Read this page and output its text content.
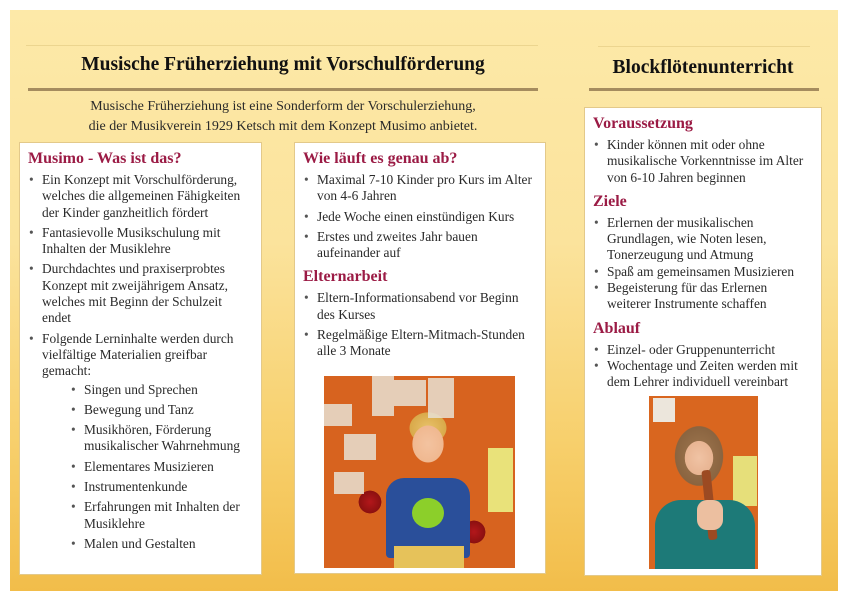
Musische Früherziehung mit Vorschulförderung	Blockflötenunterricht
Musische Früherziehung ist eine Sonderform der Vorschulerziehung,
die der Musikverein 1929 Ketsch mit dem Konzept Musimo anbietet.
Musimo - Was ist das?
• Ein Konzept mit Vorschulförderung, welches die allgemeinen Fähigkeiten der Kinder ganzheitlich fördert
• Fantasievolle Musikschulung mit Inhalten der Musiklehre
• Durchdachtes und praxiserprobtes Konzept mit zweijährigem Ansatz, welches mit Beginn der Schulzeit endet
• Folgende Lerninhalte werden durch vielfältige Materialien greifbar gemacht:
• Singen und Sprechen
• Bewegung und Tanz
• Musikhören, Förderung musikalischer Wahrnehmung
• Elementares Musizieren
• Instrumentenkunde
• Erfahrungen mit Inhalten der Musiklehre
• Malen und Gestalten
Wie läuft es genau ab?
• Maximal 7-10 Kinder pro Kurs im Alter von 4-6 Jahren
• Jede Woche einen einstündigen Kurs
• Erstes und zweites Jahr bauen aufeinander auf
Elternarbeit
• Eltern-Informationsabend vor Beginn des Kurses
• Regelmäßige Eltern-Mitmach-Stunden alle 3 Monate
Voraussetzung
• Kinder können mit oder ohne musikalische Vorkenntnisse im Alter von 6-10 Jahren beginnen
Ziele
• Erlernen der musikalischen Grundlagen, wie Noten lesen, Tonerzeugung und Atmung
• Spaß am gemeinsamen Musizieren
• Begeisterung für das Erlernen weiterer Instrumente schaffen
Ablauf
• Einzel- oder Gruppenunterricht
• Wochentage und Zeiten werden mit dem Lehrer individuell vereinbart
